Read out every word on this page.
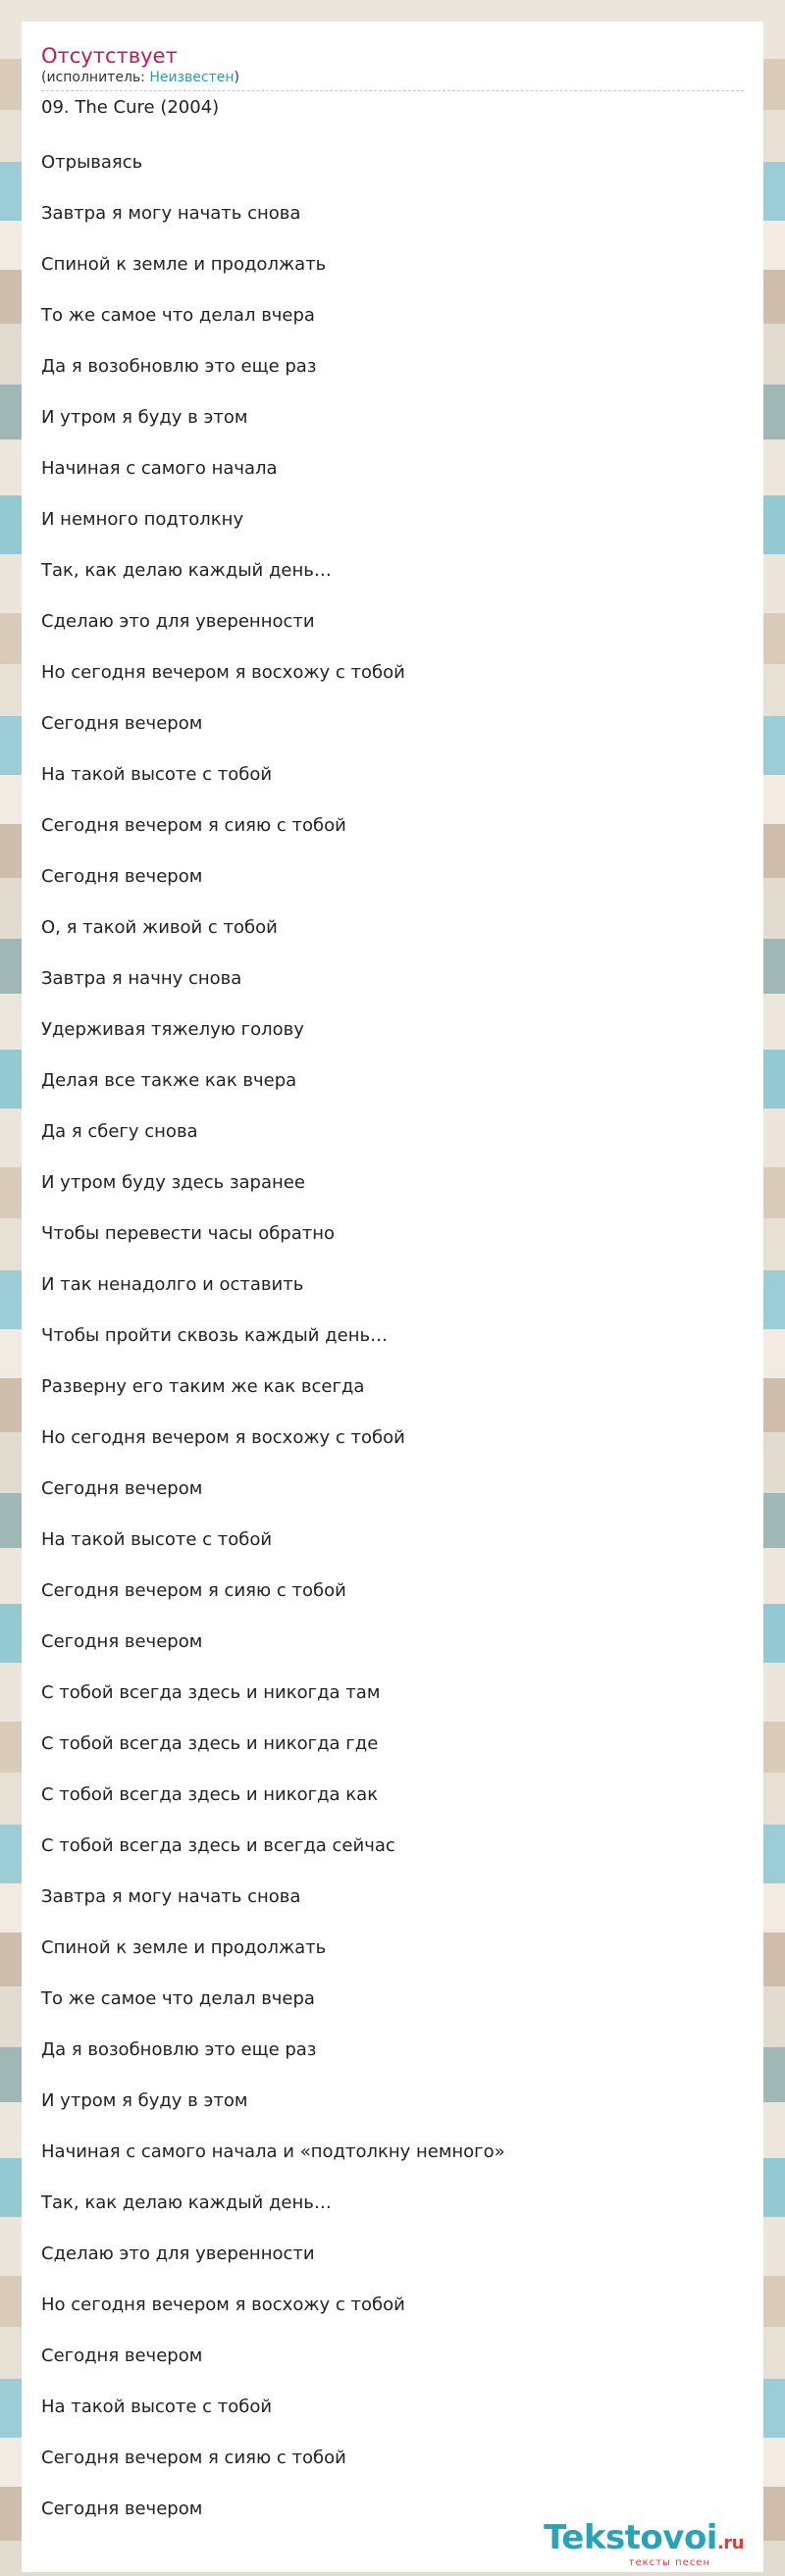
Отсутствует
(исполнитель: Неизвестен)
09. The Cure (2004)
Отрываясь
Завтра я могу начать снова
Спиной к земле и продолжать
То же самое что делал вчера
Да я возобновлю это еще раз
И утром я буду в этом
Начиная с самого начала
И немного подтолкну
Так, как делаю каждый день…
Сделаю это для уверенности
Но сегодня вечером я восхожу с тобой
Сегодня вечером
На такой высоте с тобой
Сегодня вечером я сияю с тобой
Сегодня вечером
О, я такой живой с тобой
Завтра я начну снова
Удерживая тяжелую голову
Делая все также как вчера
Да я сбегу снова
И утром буду здесь заранее
Чтобы перевести часы обратно
И так ненадолго и оставить
Чтобы пройти сквозь каждый день…
Разверну его таким же как всегда
Но сегодня вечером я восхожу с тобой
Сегодня вечером
На такой высоте с тобой
Сегодня вечером я сияю с тобой
Сегодня вечером
С тобой всегда здесь и никогда там
С тобой всегда здесь и никогда где
С тобой всегда здесь и никогда как
С тобой всегда здесь и всегда сейчас
Завтра я могу начать снова
Спиной к земле и продолжать
То же самое что делал вчера
Да я возобновлю это еще раз
И утром я буду в этом
Начиная с самого начала и «подтолкну немного»
Так, как делаю каждый день…
Сделаю это для уверенности
Но сегодня вечером я восхожу с тобой
Сегодня вечером
На такой высоте с тобой
Сегодня вечером я сияю с тобой
Сегодня вечером
Tekstovoi.ru
тексты песен
